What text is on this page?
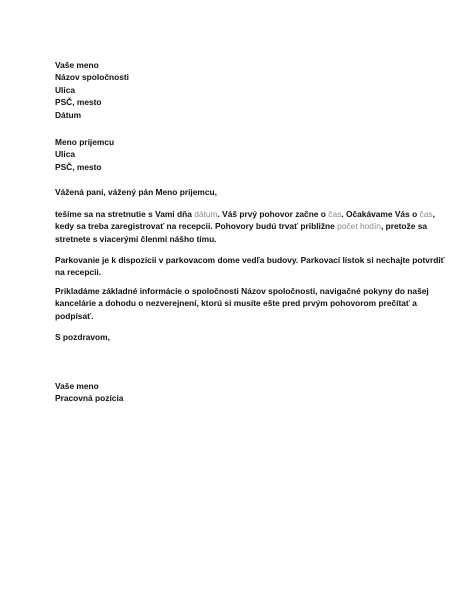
Vaše meno
Názov spoločnosti
Ulica
PSČ, mesto
Dátum
Meno prijemcu
Ulica
PSČ, mesto
Vážená pani, vážený pán Meno prijemcu,
tešíme sa na stretnutie s Vami dňa dátum. Váš prvý pohovor začne o čas. Očakávame Vás o čas,
kedy sa treba zaregistrovať na recepcii. Pohovory budú trvať približne počet hodín, pretože sa
stretnete s viacerými členmi nášho tímu.
Parkovanie je k dispozícii v parkovacom dome vedľa budovy. Parkovací lístok si nechajte potvrdiť
na recepcii.
Prikladáme základné informácie o spoločnosti Názov spoločnosti, navigačné pokyny do našej
kancelárie a dohodu o nezverejnení, ktorú si musíte ešte pred prvým pohovorom prečítať a
podpísať.
S pozdravom,
Vaše meno
Pracovná pozícia
